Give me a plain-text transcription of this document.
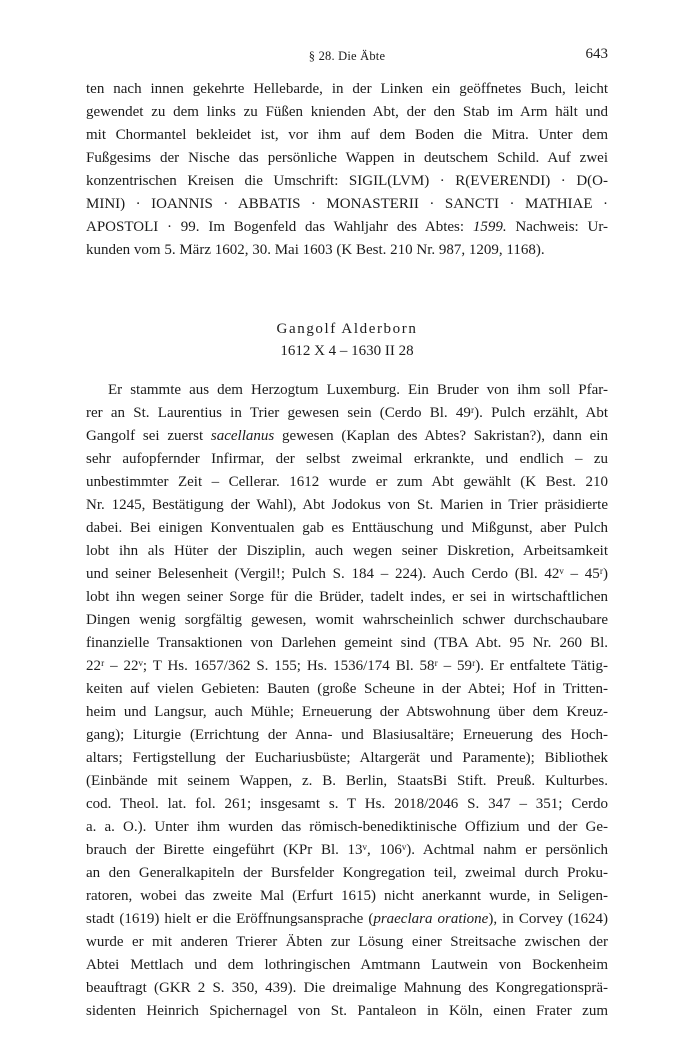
§ 28. Die Äbte	643
ten nach innen gekehrte Hellebarde, in der Linken ein geöffnetes Buch, leicht
gewendet zu dem links zu Füßen knienden Abt, der den Stab im Arm hält und
mit Chormantel bekleidet ist, vor ihm auf dem Boden die Mitra. Unter dem
Fußgesims der Nische das persönliche Wappen in deutschem Schild. Auf zwei
konzentrischen Kreisen die Umschrift: SIGIL(LVM) · R(EVERENDI) · D(O-
MINI) · IOANNIS · ABBATIS · MONASTERII · SANCTI · MATHIAE ·
APOSTOLI · 99. Im Bogenfeld das Wahljahr des Abtes: 1599. Nachweis: Ur-
kunden vom 5. März 1602, 30. Mai 1603 (K Best. 210 Nr. 987, 1209, 1168).
Gangolf Alderborn
1612 X 4 – 1630 II 28
Er stammte aus dem Herzogtum Luxemburg. Ein Bruder von ihm soll Pfar-
rer an St. Laurentius in Trier gewesen sein (Cerdo Bl. 49ʳ). Pulch erzählt, Abt
Gangolf sei zuerst sacellanus gewesen (Kaplan des Abtes? Sakristan?), dann ein
sehr aufopfernder Infirmar, der selbst zweimal erkrankte, und endlich – zu
unbestimmter Zeit – Cellerar. 1612 wurde er zum Abt gewählt (K Best. 210
Nr. 1245, Bestätigung der Wahl), Abt Jodokus von St. Marien in Trier präsidierte
dabei. Bei einigen Konventualen gab es Enttäuschung und Mißgunst, aber Pulch
lobt ihn als Hüter der Disziplin, auch wegen seiner Diskretion, Arbeitsamkeit
und seiner Belesenheit (Vergil!; Pulch S. 184 – 224). Auch Cerdo (Bl. 42ᵛ – 45ʳ)
lobt ihn wegen seiner Sorge für die Brüder, tadelt indes, er sei in wirtschaftlichen
Dingen wenig sorgfältig gewesen, womit wahrscheinlich schwer durchschaubare
finanzielle Transaktionen von Darlehen gemeint sind (TBA Abt. 95 Nr. 260 Bl.
22ʳ – 22ᵛ; T Hs. 1657/362 S. 155; Hs. 1536/174 Bl. 58ʳ – 59ʳ). Er entfaltete Tätig-
keiten auf vielen Gebieten: Bauten (große Scheune in der Abtei; Hof in Tritten-
heim und Langsur, auch Mühle; Erneuerung der Abtswohnung über dem Kreuz-
gang); Liturgie (Errichtung der Anna- und Blasiusaltäre; Erneuerung des Hoch-
altars; Fertigstellung der Euchariusbüste; Altargerät und Paramente); Bibliothek
(Einbände mit seinem Wappen, z. B. Berlin, StaatsBi Stift. Preuß. Kulturbes.
cod. Theol. lat. fol. 261; insgesamt s. T Hs. 2018/2046 S. 347 – 351; Cerdo
a. a. O.). Unter ihm wurden das römisch-benediktinische Offizium und der Ge-
brauch der Birette eingeführt (KPr Bl. 13ᵛ, 106ᵛ). Achtmal nahm er persönlich
an den Generalkapiteln der Bursfelder Kongregation teil, zweimal durch Proku-
ratoren, wobei das zweite Mal (Erfurt 1615) nicht anerkannt wurde, in Seligen-
stadt (1619) hielt er die Eröffnungsansprache (praeclara oratione), in Corvey (1624)
wurde er mit anderen Trierer Äbten zur Lösung einer Streitsache zwischen der
Abtei Mettlach und dem lothringischen Amtmann Lautwein von Bockenheim
beauftragt (GKR 2 S. 350, 439). Die dreimalige Mahnung des Kongregationsprä-
sidenten Heinrich Spichernagel von St. Pantaleon in Köln, einen Frater zum
